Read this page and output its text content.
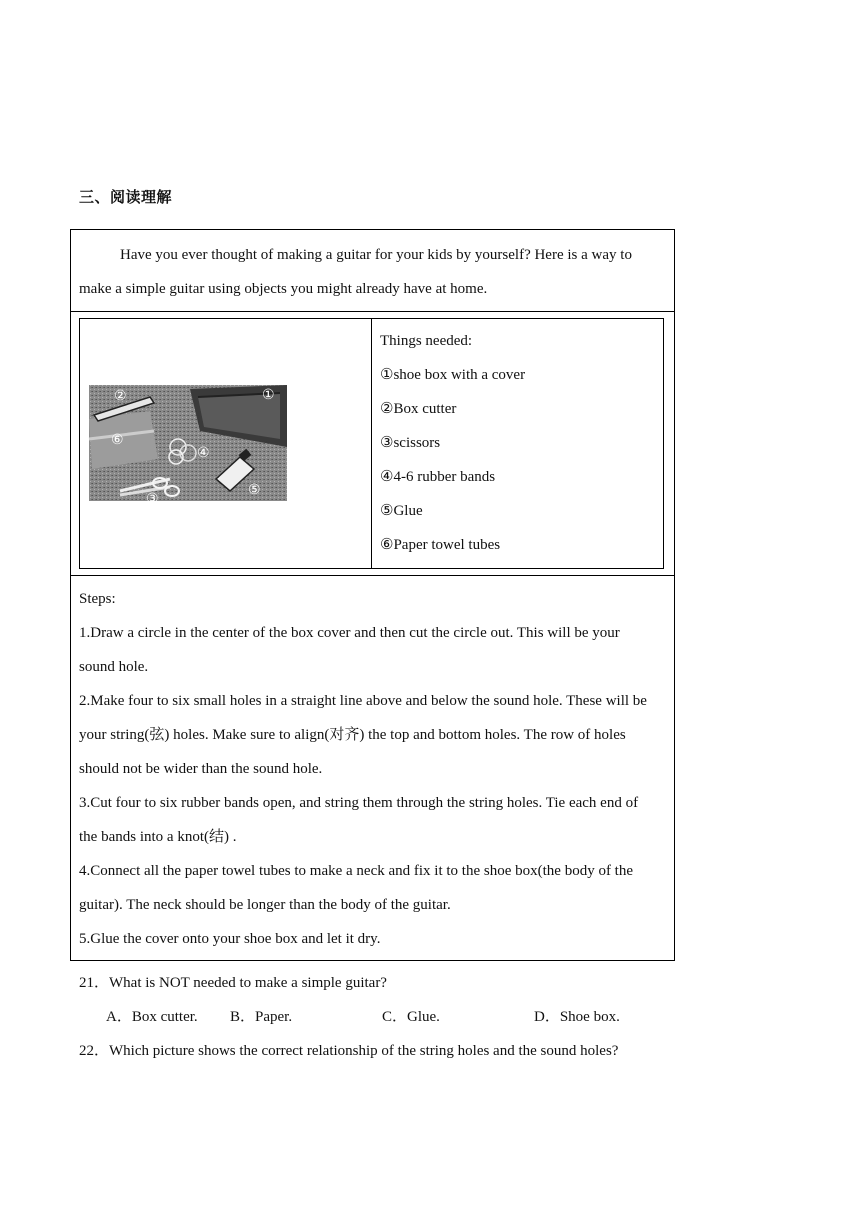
三、阅读理解

Have you ever thought of making a guitar for your kids by yourself? Here is a way to

make a simple guitar using objects you might already have at home.
②	①
⑥
④
③
⑤
Things needed:
①shoe box with a cover
②Box cutter
③scissors
④4-6 rubber bands
⑤Glue
⑥Paper towel tubes
Steps:
1.Draw a circle in the center of the box cover and then cut the circle out. This will be your
sound hole.
2.Make four to six small holes in a straight line above and below the sound hole. These will be
your string(弦) holes. Make sure to align(对齐) the top and bottom holes. The row of holes
should not be wider than the sound hole.
3.Cut four to six rubber bands open, and string them through the string holes. Tie each end of
the bands into a knot(结) .
4.Connect all the paper towel tubes to make a neck and fix it to the shoe box(the body of the
guitar). The neck should be longer than the body of the guitar.
5.Glue the cover onto your shoe box and let it dry.
21．What is NOT needed to make a simple guitar?
A．Box cutter. B．Paper.	C．Glue.	D．Shoe box.
22．Which picture shows the correct relationship of the string holes and the sound holes?
